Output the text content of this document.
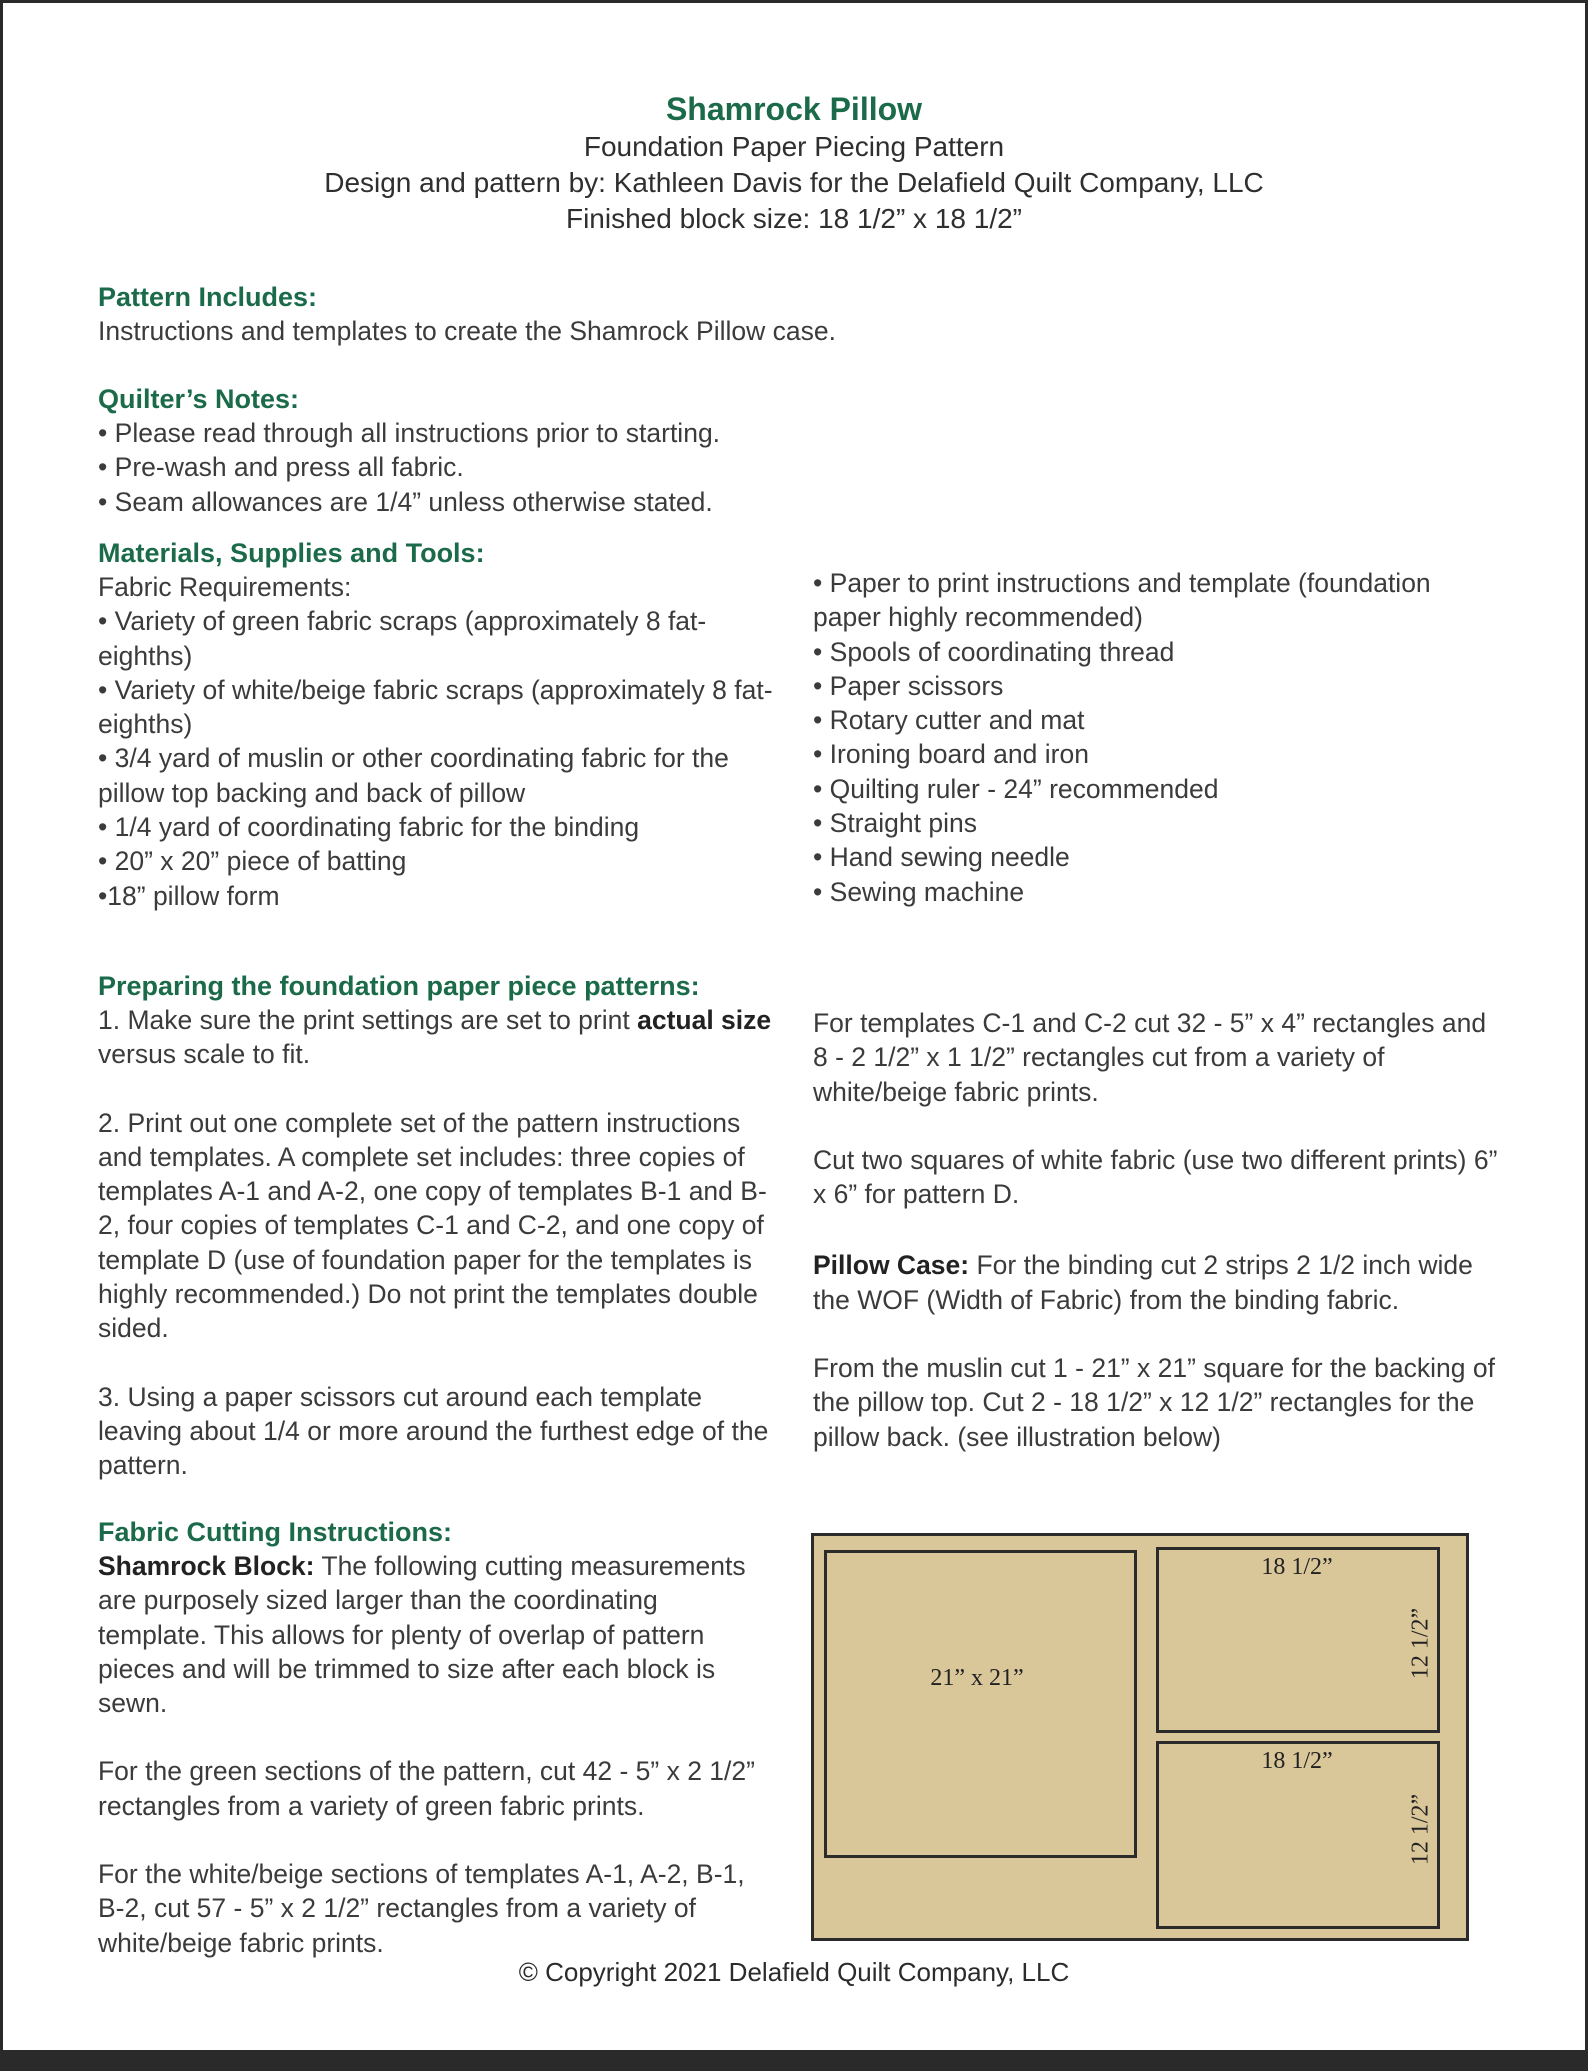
Shamrock Pillow
Foundation Paper Piecing Pattern
Design and pattern by: Kathleen Davis for the Delafield Quilt Company, LLC
Finished block size: 18 1/2” x 18 1/2”
Pattern Includes:
Instructions and templates to create the Shamrock Pillow case.
Quilter’s Notes:

• Please read through all instructions prior to starting.

• Pre-wash and press all fabric.

• Seam allowances are 1/4” unless otherwise stated.

Materials, Supplies and Tools:

Fabric Requirements:

• Variety of green fabric scraps (approximately 8 fat-eighths)

• Variety of white/beige fabric scraps (approximately 8 fat-eighths)

• 3/4 yard of muslin or other coordinating fabric for the pillow top backing and back of pillow

• 1/4 yard of coordinating fabric for the binding

• 20” x 20” piece of batting

•18” pillow form

• Paper to print instructions and template (foundation paper highly recommended)

• Spools of coordinating thread

• Paper scissors

• Rotary cutter and mat

• Ironing board and iron

• Quilting ruler - 24” recommended

• Straight pins

• Hand sewing needle

• Sewing machine

Preparing the foundation paper piece patterns:

1. Make sure the print settings are set to print actual size versus scale to fit.

2. Print out one complete set of the pattern instructions and templates. A complete set includes: three copies of templates A-1 and A-2, one copy of templates B-1 and B-2, four copies of templates C-1 and C-2, and one copy of template D (use of foundation paper for the templates is highly recommended.) Do not print the templates double sided.

3. Using a paper scissors cut around each template leaving about 1/4 or more around the furthest edge of the pattern.

Fabric Cutting Instructions:

Shamrock Block: The following cutting measurements are purposely sized larger than the coordinating template. This allows for plenty of overlap of pattern pieces and will be trimmed to size after each block is sewn.

For the green sections of the pattern, cut 42 - 5” x 2 1/2” rectangles from a variety of green fabric prints.

For the white/beige sections of templates A-1, A-2, B-1, B-2, cut 57 - 5” x 2 1/2” rectangles from a variety of white/beige fabric prints.

For templates C-1 and C-2 cut 32 - 5” x 4” rectangles and 8 - 2 1/2” x 1 1/2” rectangles cut from a variety of white/beige fabric prints.

Cut two squares of white fabric (use two different prints) 6” x 6” for pattern D.

Pillow Case: For the binding cut 2 strips 2 1/2 inch wide the WOF (Width of Fabric) from the binding fabric.

From the muslin cut 1 - 21” x 21” square for the backing of the pillow top. Cut 2 - 18 1/2” x 12 1/2” rectangles for the pillow back. (see illustration below)

21” x 21”
18 1/2”
12 1/2”
18 1/2”
12 1/2”
© Copyright 2021 Delafield Quilt Company, LLC
